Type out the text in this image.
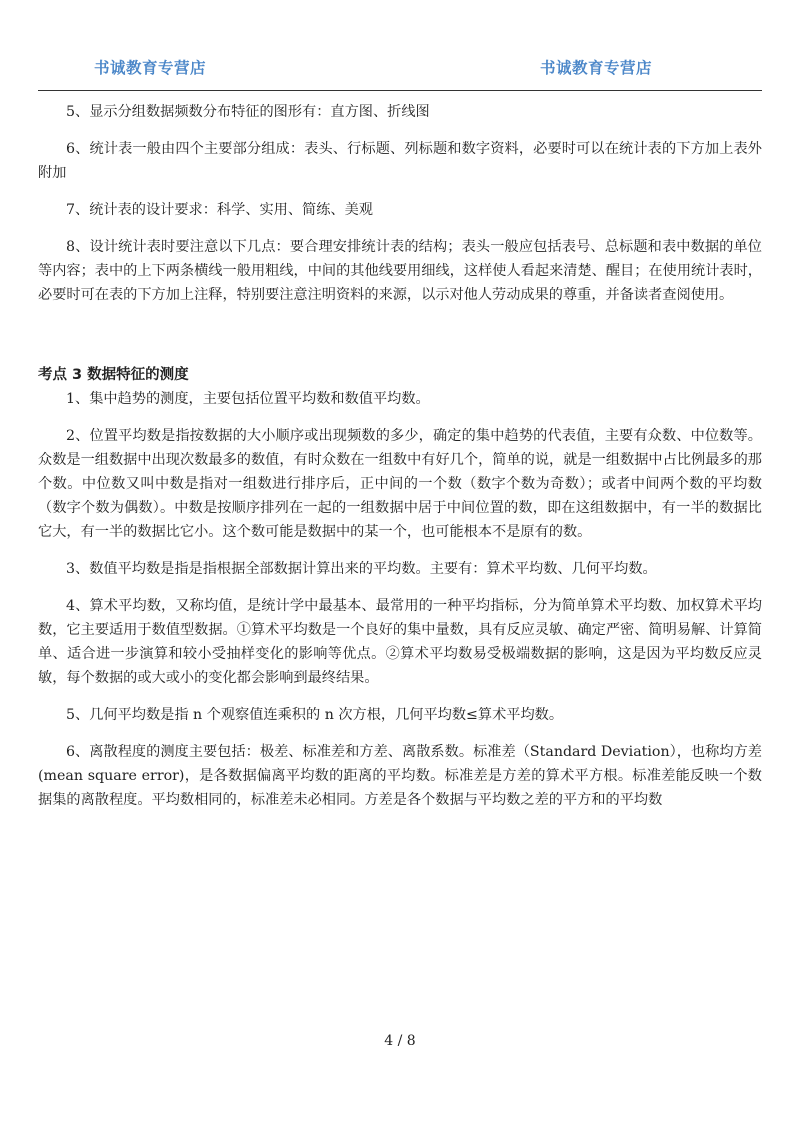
书诚教育专营店	书诚教育专营店

5、显示分组数据频数分布特征的图形有：直方图、折线图

6、统计表一般由四个主要部分组成：表头、行标题、列标题和数字资料，必要时可以在统计表的下方加上表外附加

7、统计表的设计要求：科学、实用、简练、美观

8、设计统计表时要注意以下几点：要合理安排统计表的结构；表头一般应包括表号、总标题和表中数据的单位等内容；表中的上下两条横线一般用粗线，中间的其他线要用细线，这样使人看起来清楚、醒目；在使用统计表时，必要时可在表的下方加上注释，特别要注意注明资料的来源，以示对他人劳动成果的尊重，并备读者查阅使用。

考点 3 数据特征的测度

1、集中趋势的测度，主要包括位置平均数和数值平均数。

2、位置平均数是指按数据的大小顺序或出现频数的多少，确定的集中趋势的代表值，主要有众数、中位数等。众数是一组数据中出现次数最多的数值，有时众数在一组数中有好几个，简单的说，就是一组数据中占比例最多的那个数。中位数又叫中数是指对一组数进行排序后，正中间的一个数（数字个数为奇数）；或者中间两个数的平均数（数字个数为偶数）。中数是按顺序排列在一起的一组数据中居于中间位置的数，即在这组数据中，有一半的数据比它大，有一半的数据比它小。这个数可能是数据中的某一个，也可能根本不是原有的数。

3、数值平均数是指是指根据全部数据计算出来的平均数。主要有：算术平均数、几何平均数。

4、算术平均数，又称均值，是统计学中最基本、最常用的一种平均指标，分为简单算术平均数、加权算术平均数，它主要适用于数值型数据。①算术平均数是一个良好的集中量数，具有反应灵敏、确定严密、简明易解、计算简单、适合进一步演算和较小受抽样变化的影响等优点。②算术平均数易受极端数据的影响，这是因为平均数反应灵敏，每个数据的或大或小的变化都会影响到最终结果。

5、几何平均数是指 n 个观察值连乘积的 n 次方根，几何平均数≤算术平均数。

6、离散程度的测度主要包括：极差、标准差和方差、离散系数。标准差（Standard Deviation），也称均方差(mean square error)，是各数据偏离平均数的距离的平均数。标准差是方差的算术平方根。标准差能反映一个数据集的离散程度。平均数相同的，标准差未必相同。方差是各个数据与平均数之差的平方和的平均数

4 / 8
